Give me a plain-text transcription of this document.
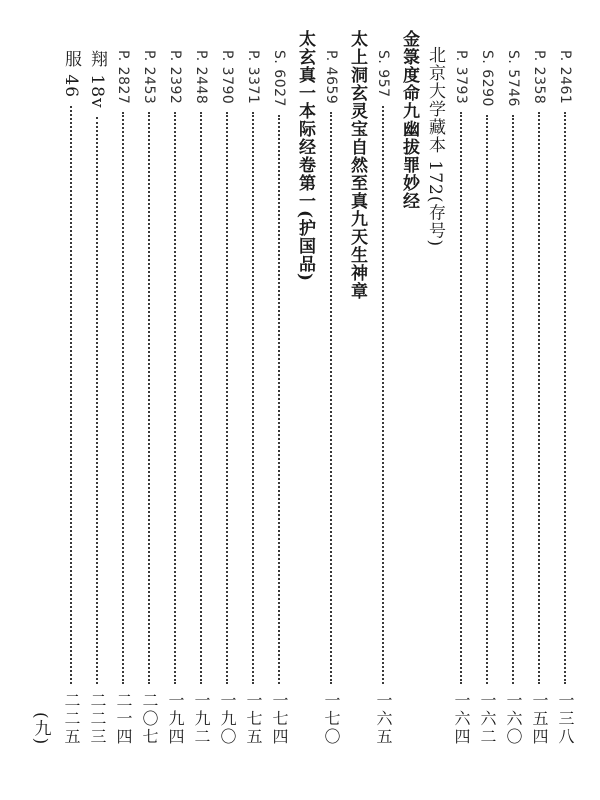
P. 2461
一三八
P. 2358
一五四
S. 5746
一六〇
S. 6290
一六二
P. 3793
一六四
北京大学藏本 172(存号)
金箓度命九幽拔罪妙经
S. 957
一六五
太上洞玄灵宝自然至真九天生神章
P. 4659
一七〇
太玄真一本际经卷第一(护国品)
S. 6027
一七四
P. 3371
一七五
P. 3790
一九〇
P. 2448
一九二
P. 2392
一九四
P. 2453
二〇七
P. 2827
二一四
翔 18v
二二三
服 46
二二五
(九)
